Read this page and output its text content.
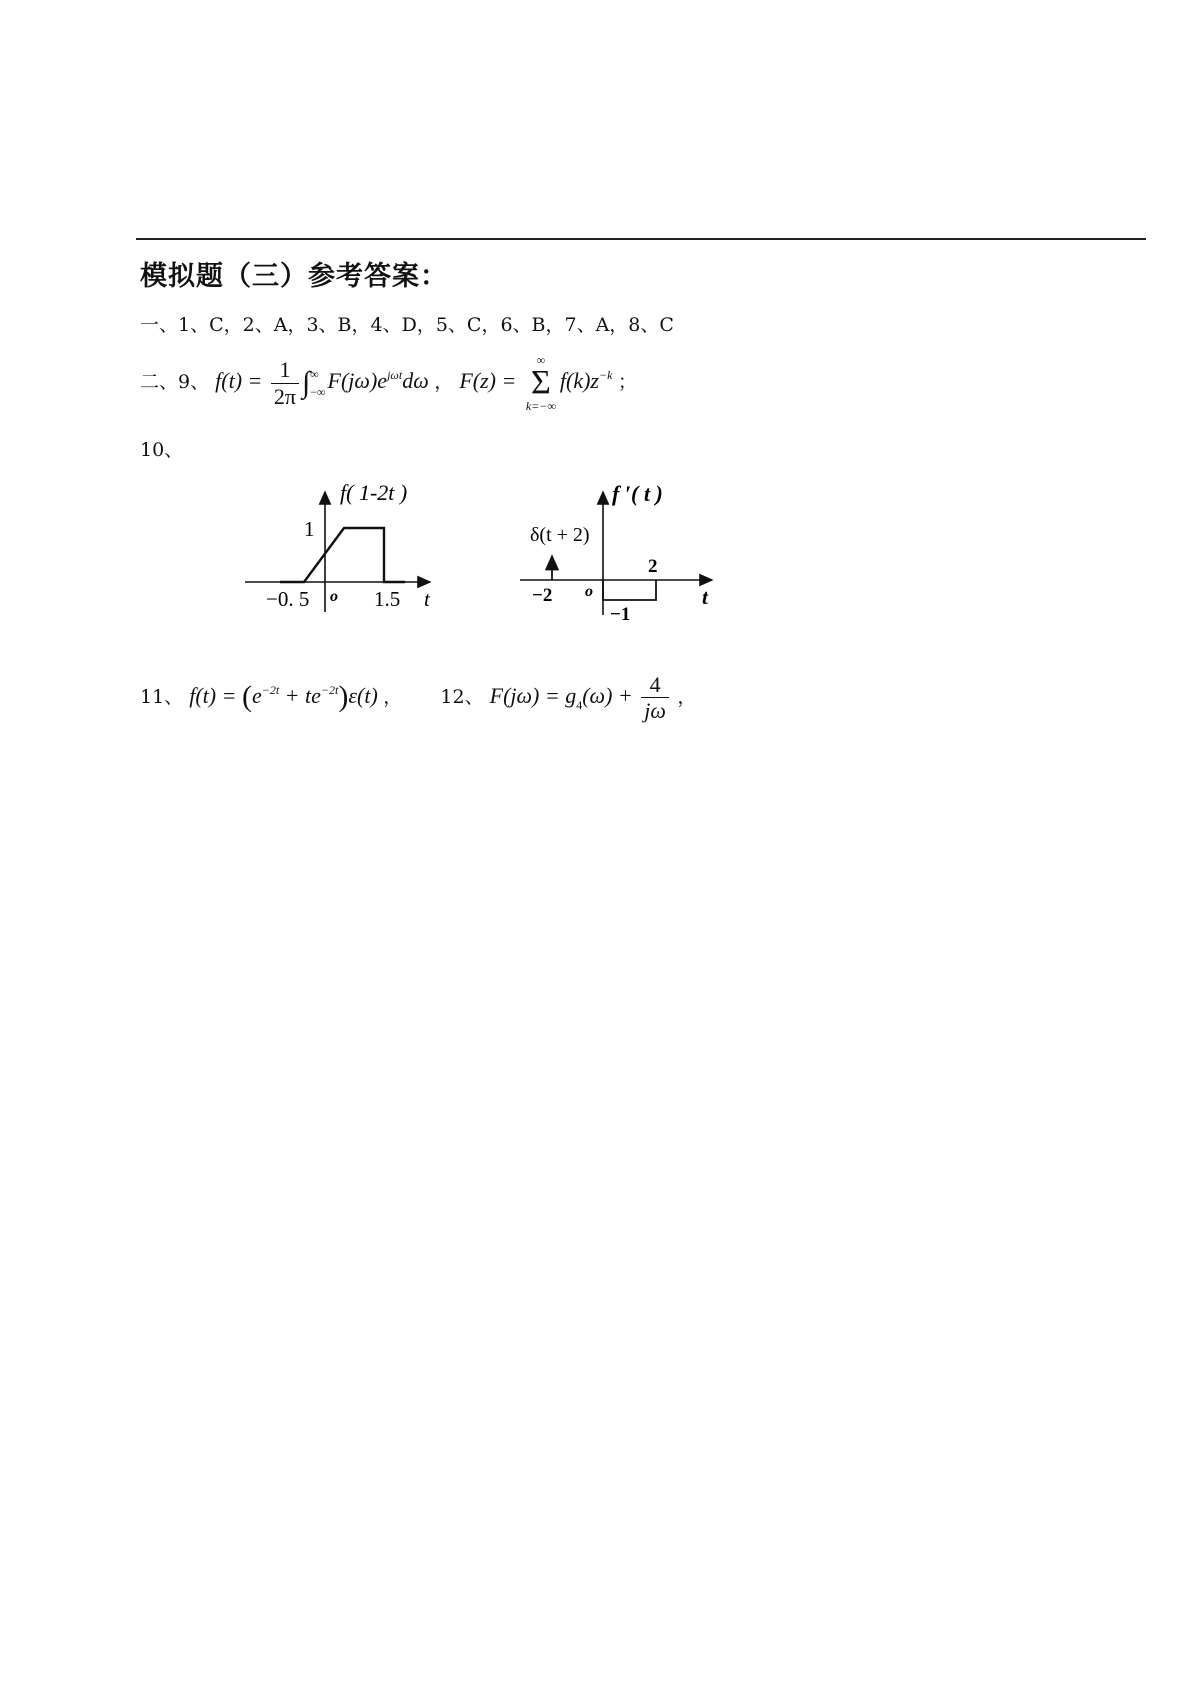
模拟题（三）参考答案：
一、1、C，2、A，3、B，4、D，5、C，6、B，7、A，8、C
二、9、 $f(t) = \frac{1}{2\pi}$ ∫ ∞
−∞ $F(j\omega)e^{j\omega t}d\omega$ ， F(z) =
∞
Σ
k=−∞
$f(k)z^{-k}$ ；
10、
f( 1-2t )
1
−0. 5 o 1.5 t
f ′( t )
δ(t + 2)
2
−2 o
−1
t
11、 $f(t) = (e^{-2t} + te^{-2t})\varepsilon(t)$ ， 12、 $F(j\omega) = g_4(\omega) + \frac{4}{j\omega}$ ，
